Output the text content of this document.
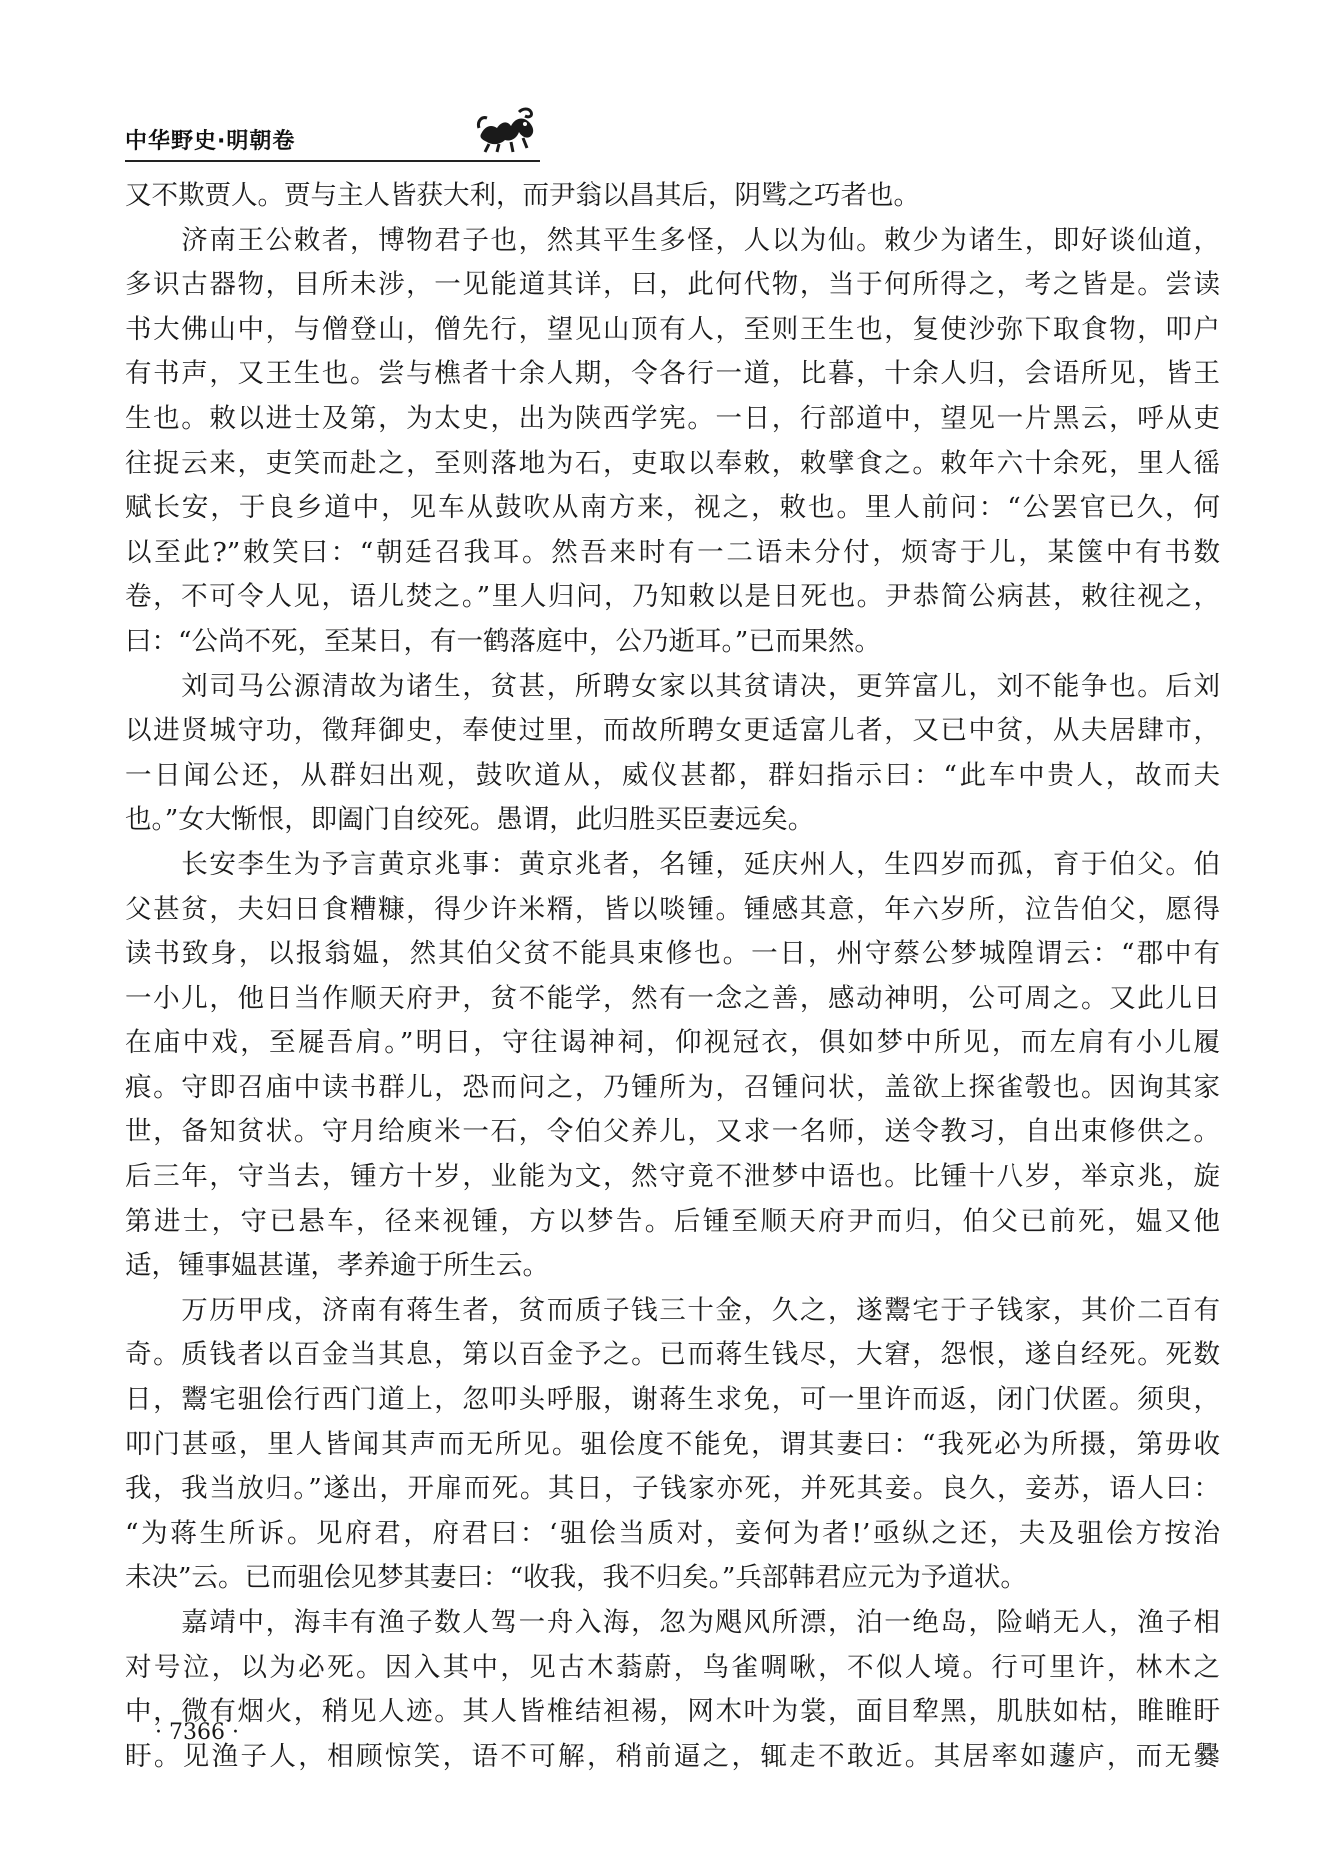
中华野史·明朝卷
又不欺贾人。贾与主人皆获大利，而尹翁以昌其后，阴骘之巧者也。
　　济南王公敕者，博物君子也，然其平生多怪，人以为仙。敕少为诸生，即好谈仙道，
多识古器物，目所未涉，一见能道其详，曰，此何代物，当于何所得之，考之皆是。尝读
书大佛山中，与僧登山，僧先行，望见山顶有人，至则王生也，复使沙弥下取食物，叩户
有书声，又王生也。尝与樵者十余人期，令各行一道，比暮，十余人归，会语所见，皆王
生也。敕以进士及第，为太史，出为陕西学宪。一日，行部道中，望见一片黑云，呼从吏
往捉云来，吏笑而赴之，至则落地为石，吏取以奉敕，敕擘食之。敕年六十余死，里人徭
赋长安，于良乡道中，见车从鼓吹从南方来，视之，敕也。里人前问：“公罢官已久，何
以至此?”敕笑曰：“朝廷召我耳。然吾来时有一二语未分付，烦寄于儿，某箧中有书数
卷，不可令人见，语儿焚之。”里人归问，乃知敕以是日死也。尹恭简公病甚，敕往视之，
曰：“公尚不死，至某日，有一鹤落庭中，公乃逝耳。”已而果然。
　　刘司马公源清故为诸生，贫甚，所聘女家以其贫请决，更笄富儿，刘不能争也。后刘
以进贤城守功，徵拜御史，奉使过里，而故所聘女更适富儿者，又已中贫，从夫居肆市，
一日闻公还，从群妇出观，鼓吹道从，威仪甚都，群妇指示曰：“此车中贵人，故而夫
也。”女大惭恨，即阖门自绞死。愚谓，此归胜买臣妻远矣。
　　长安李生为予言黄京兆事：黄京兆者，名锺，延庆州人，生四岁而孤，育于伯父。伯
父甚贫，夫妇日食糟糠，得少许米糈，皆以啖锺。锺感其意，年六岁所，泣告伯父，愿得
读书致身，以报翁媪，然其伯父贫不能具束修也。一日，州守蔡公梦城隍谓云：“郡中有
一小儿，他日当作顺天府尹，贫不能学，然有一念之善，感动神明，公可周之。又此儿日
在庙中戏，至屣吾肩。”明日，守往谒神祠，仰视冠衣，俱如梦中所见，而左肩有小儿履
痕。守即召庙中读书群儿，恐而问之，乃锺所为，召锺问状，盖欲上探雀彀也。因询其家
世，备知贫状。守月给庾米一石，令伯父养儿，又求一名师，送令教习，自出束修供之。
后三年，守当去，锺方十岁，业能为文，然守竟不泄梦中语也。比锺十八岁，举京兆，旋
第进士，守已悬车，径来视锺，方以梦告。后锺至顺天府尹而归，伯父已前死，媪又他
适，锺事媪甚谨，孝养逾于所生云。
　　万历甲戌，济南有蒋生者，贫而质子钱三十金，久之，遂鬻宅于子钱家，其价二百有
奇。质钱者以百金当其息，第以百金予之。已而蒋生钱尽，大窘，怨恨，遂自经死。死数
日，鬻宅驵侩行西门道上，忽叩头呼服，谢蒋生求免，可一里许而返，闭门伏匿。须臾，
叩门甚亟，里人皆闻其声而无所见。驵侩度不能免，谓其妻曰：“我死必为所摄，第毋收
我，我当放归。”遂出，开扉而死。其日，子钱家亦死，并死其妾。良久，妾苏，语人曰：
“为蒋生所诉。见府君，府君曰：‘驵侩当质对，妾何为者!’亟纵之还，夫及驵侩方按治
未决”云。已而驵侩见梦其妻曰：“收我，我不归矣。”兵部韩君应元为予道状。
　　嘉靖中，海丰有渔子数人驾一舟入海，忽为飓风所漂，泊一绝岛，险峭无人，渔子相
对号泣，以为必死。因入其中，见古木蓊蔚，鸟雀啁啾，不似人境。行可里许，林木之
中，微有烟火，稍见人迹。其人皆椎结袒裼，网木叶为裳，面目犂黑，肌肤如枯，睢睢盱
盱。见渔子人，相顾惊笑，语不可解，稍前逼之，辄走不敢近。其居率如蘧庐，而无爨
· 7366 ·
